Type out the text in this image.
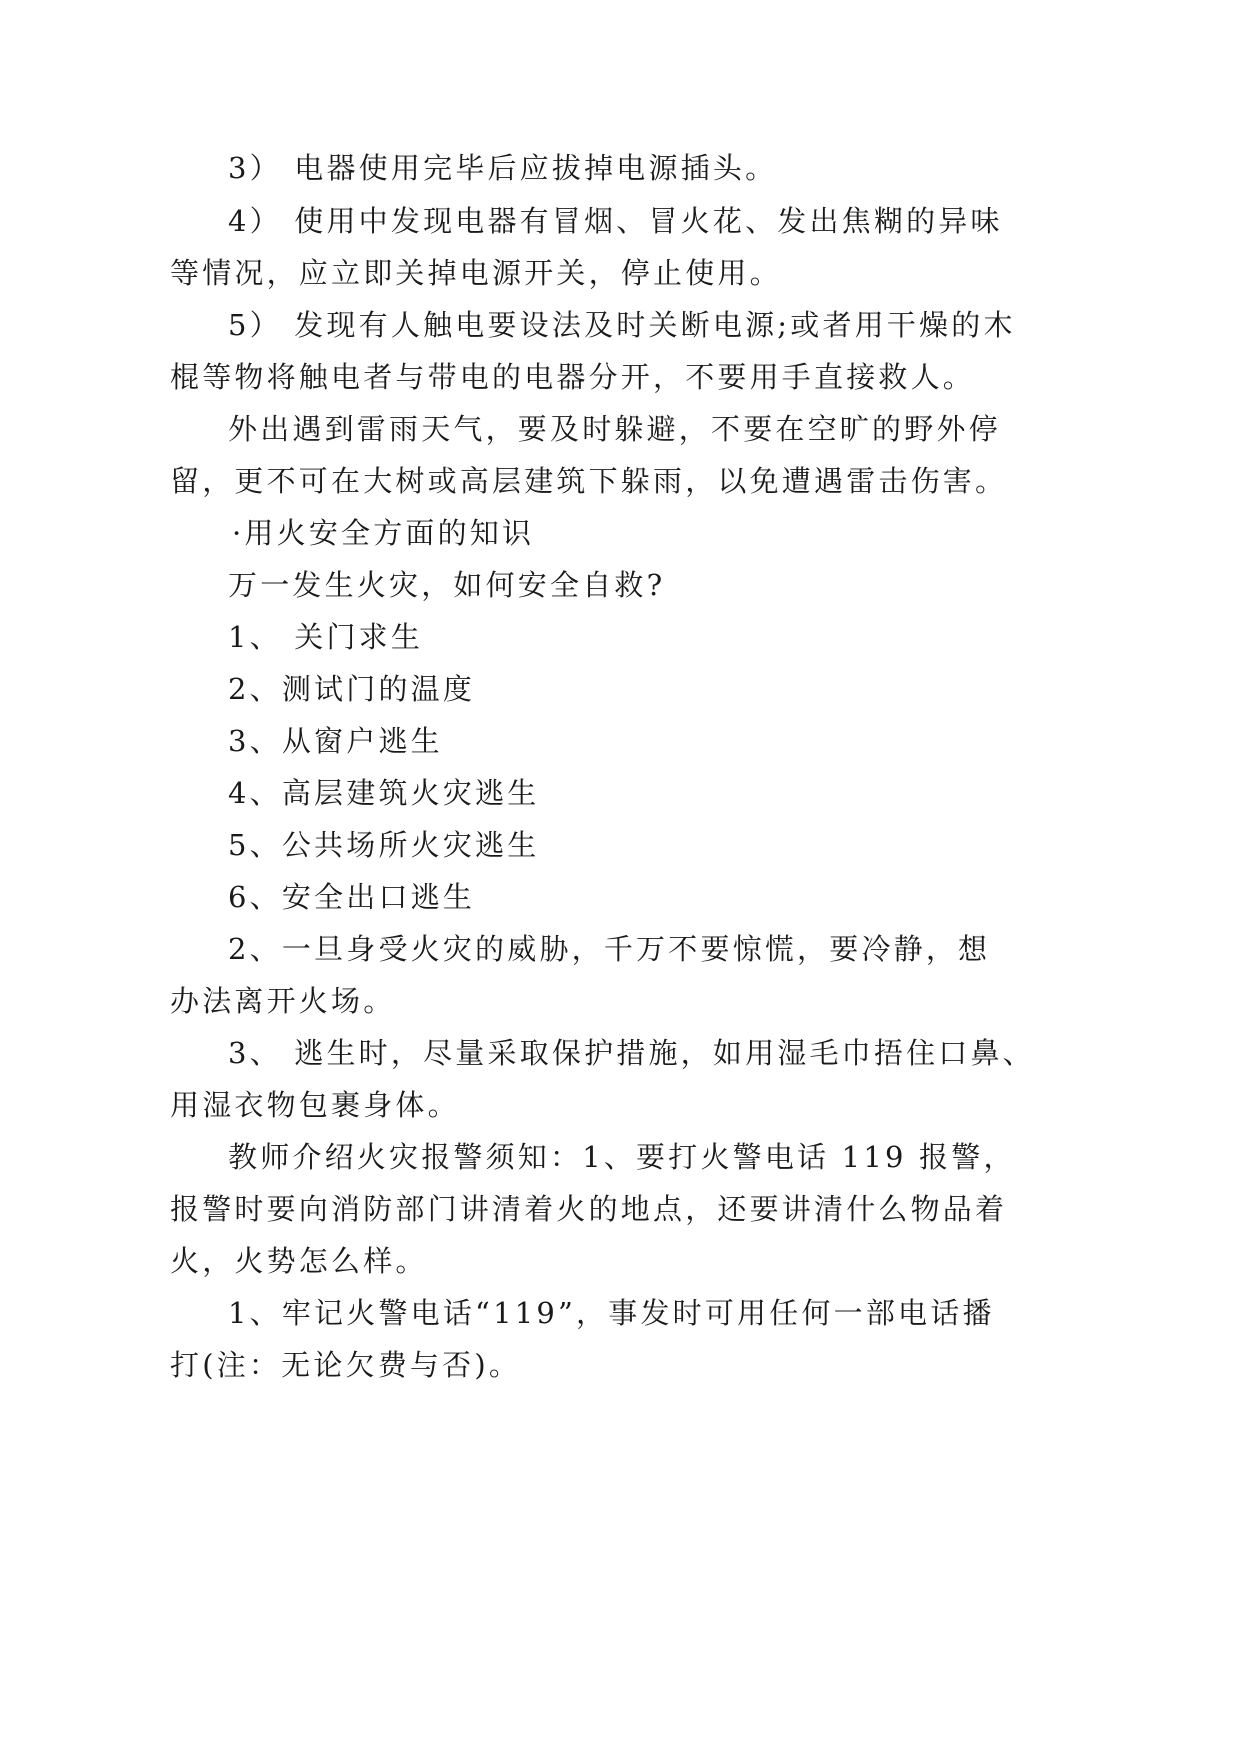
3） 电器使用完毕后应拔掉电源插头。
4） 使用中发现电器有冒烟、冒火花、发出焦糊的异味
等情况，应立即关掉电源开关，停止使用。
5） 发现有人触电要设法及时关断电源;或者用干燥的木
棍等物将触电者与带电的电器分开，不要用手直接救人。
外出遇到雷雨天气，要及时躲避，不要在空旷的野外停
留，更不可在大树或高层建筑下躲雨，以免遭遇雷击伤害。
·用火安全方面的知识
万一发生火灾，如何安全自救?
1、 关门求生
2、测试门的温度
3、从窗户逃生
4、高层建筑火灾逃生
5、公共场所火灾逃生
6、安全出口逃生
2、一旦身受火灾的威胁，千万不要惊慌，要冷静，想
办法离开火场。
3、 逃生时，尽量采取保护措施，如用湿毛巾捂住口鼻、
用湿衣物包裹身体。
教师介绍火灾报警须知：1、要打火警电话 119 报警，
报警时要向消防部门讲清着火的地点，还要讲清什么物品着
火，火势怎么样。
1、牢记火警电话“119”，事发时可用任何一部电话播
打(注：无论欠费与否)。
